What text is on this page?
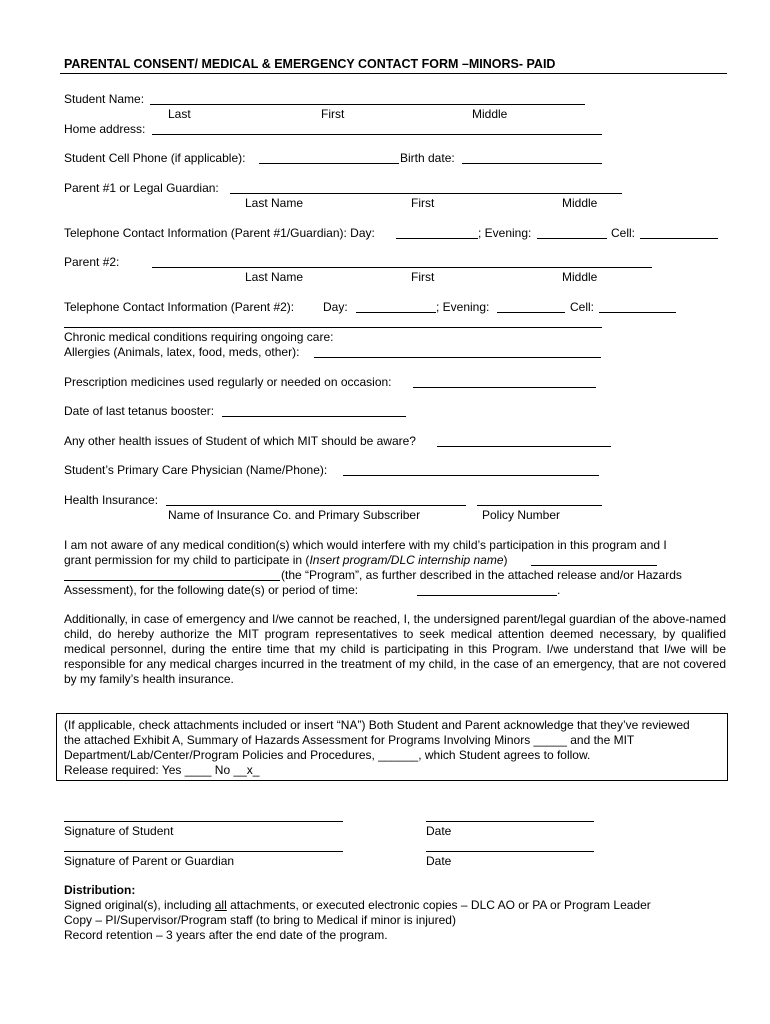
PARENTAL CONSENT/ MEDICAL & EMERGENCY CONTACT FORM –MINORS- PAID
Student Name:
Last	First	Middle
Home address:
Student Cell Phone (if applicable):	Birth date:
Parent #1 or Legal Guardian:
Last Name	First	Middle
Telephone Contact Information (Parent #1/Guardian): Day:	; Evening:	Cell:
Parent #2:
Last Name	First	Middle
Telephone Contact Information (Parent #2): Day:	; Evening:	Cell:
Chronic medical conditions requiring ongoing care:
Allergies (Animals, latex, food, meds, other):
Prescription medicines used regularly or needed on occasion:
Date of last tetanus booster:
Any other health issues of Student of which MIT should be aware?
Student’s Primary Care Physician (Name/Phone):
Health Insurance:
Name of Insurance Co. and Primary Subscriber	Policy Number
I am not aware of any medical condition(s) which would interfere with my child’s participation in this program and I
grant permission for my child to participate in (Insert program/DLC internship name)
(the “Program”, as further described in the attached release and/or Hazards
Assessment), for the following date(s) or period of time:	.
Additionally, in case of emergency and I/we cannot be reached, I, the undersigned parent/legal guardian of the above-named child, do hereby authorize the MIT program representatives to seek medical attention deemed necessary, by qualified medical personnel, during the entire time that my child is participating in this Program. I/we understand that I/we will be responsible for any medical charges incurred in the treatment of my child, in the case of an emergency, that are not covered by my family’s health insurance.
(If applicable, check attachments included or insert “NA”) Both Student and Parent acknowledge that they’ve reviewed
the attached Exhibit A, Summary of Hazards Assessment for Programs Involving Minors _____ and the MIT
Department/Lab/Center/Program Policies and Procedures, ______, which Student agrees to follow.
Release required: Yes ____ No __x_
Signature of Student	Date
Signature of Parent or Guardian	Date
Distribution:
Signed original(s), including all attachments, or executed electronic copies – DLC AO or PA or Program Leader
Copy – PI/Supervisor/Program staff (to bring to Medical if minor is injured)
Record retention – 3 years after the end date of the program.
